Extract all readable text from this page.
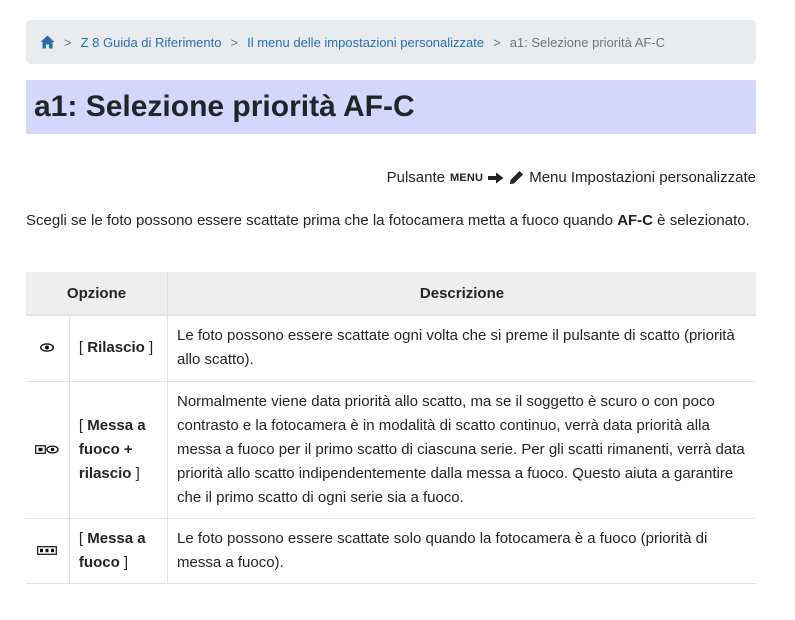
> Z 8 Guida di Riferimento > Il menu delle impostazioni personalizzate > a1: Selezione priorità AF-C
a1: Selezione priorità AF-C
Pulsante MENU	Menu Impostazioni personalizzate

Scegli se le foto possono essere scattate prima che la fotocamera metta a fuoco quando AF-C è selezionato.

Opzione		Descrizione

	[ Rilascio ]	Le foto possono essere scattate ogni volta che si preme il pulsante di scatto (priorità allo scatto).

	[ Messa a fuoco + rilascio ]	Normalmente viene data priorità allo scatto, ma se il soggetto è scuro o con poco contrasto e la fotocamera è in modalità di scatto continuo, verrà data priorità alla messa a fuoco per il primo scatto di ciascuna serie. Per gli scatti rimanenti, verrà data priorità allo scatto indipendentemente dalla messa a fuoco. Questo aiuta a garantire che il primo scatto di ogni serie sia a fuoco.

	[ Messa a fuoco ]	Le foto possono essere scattate solo quando la fotocamera è a fuoco (priorità di messa a fuoco).
